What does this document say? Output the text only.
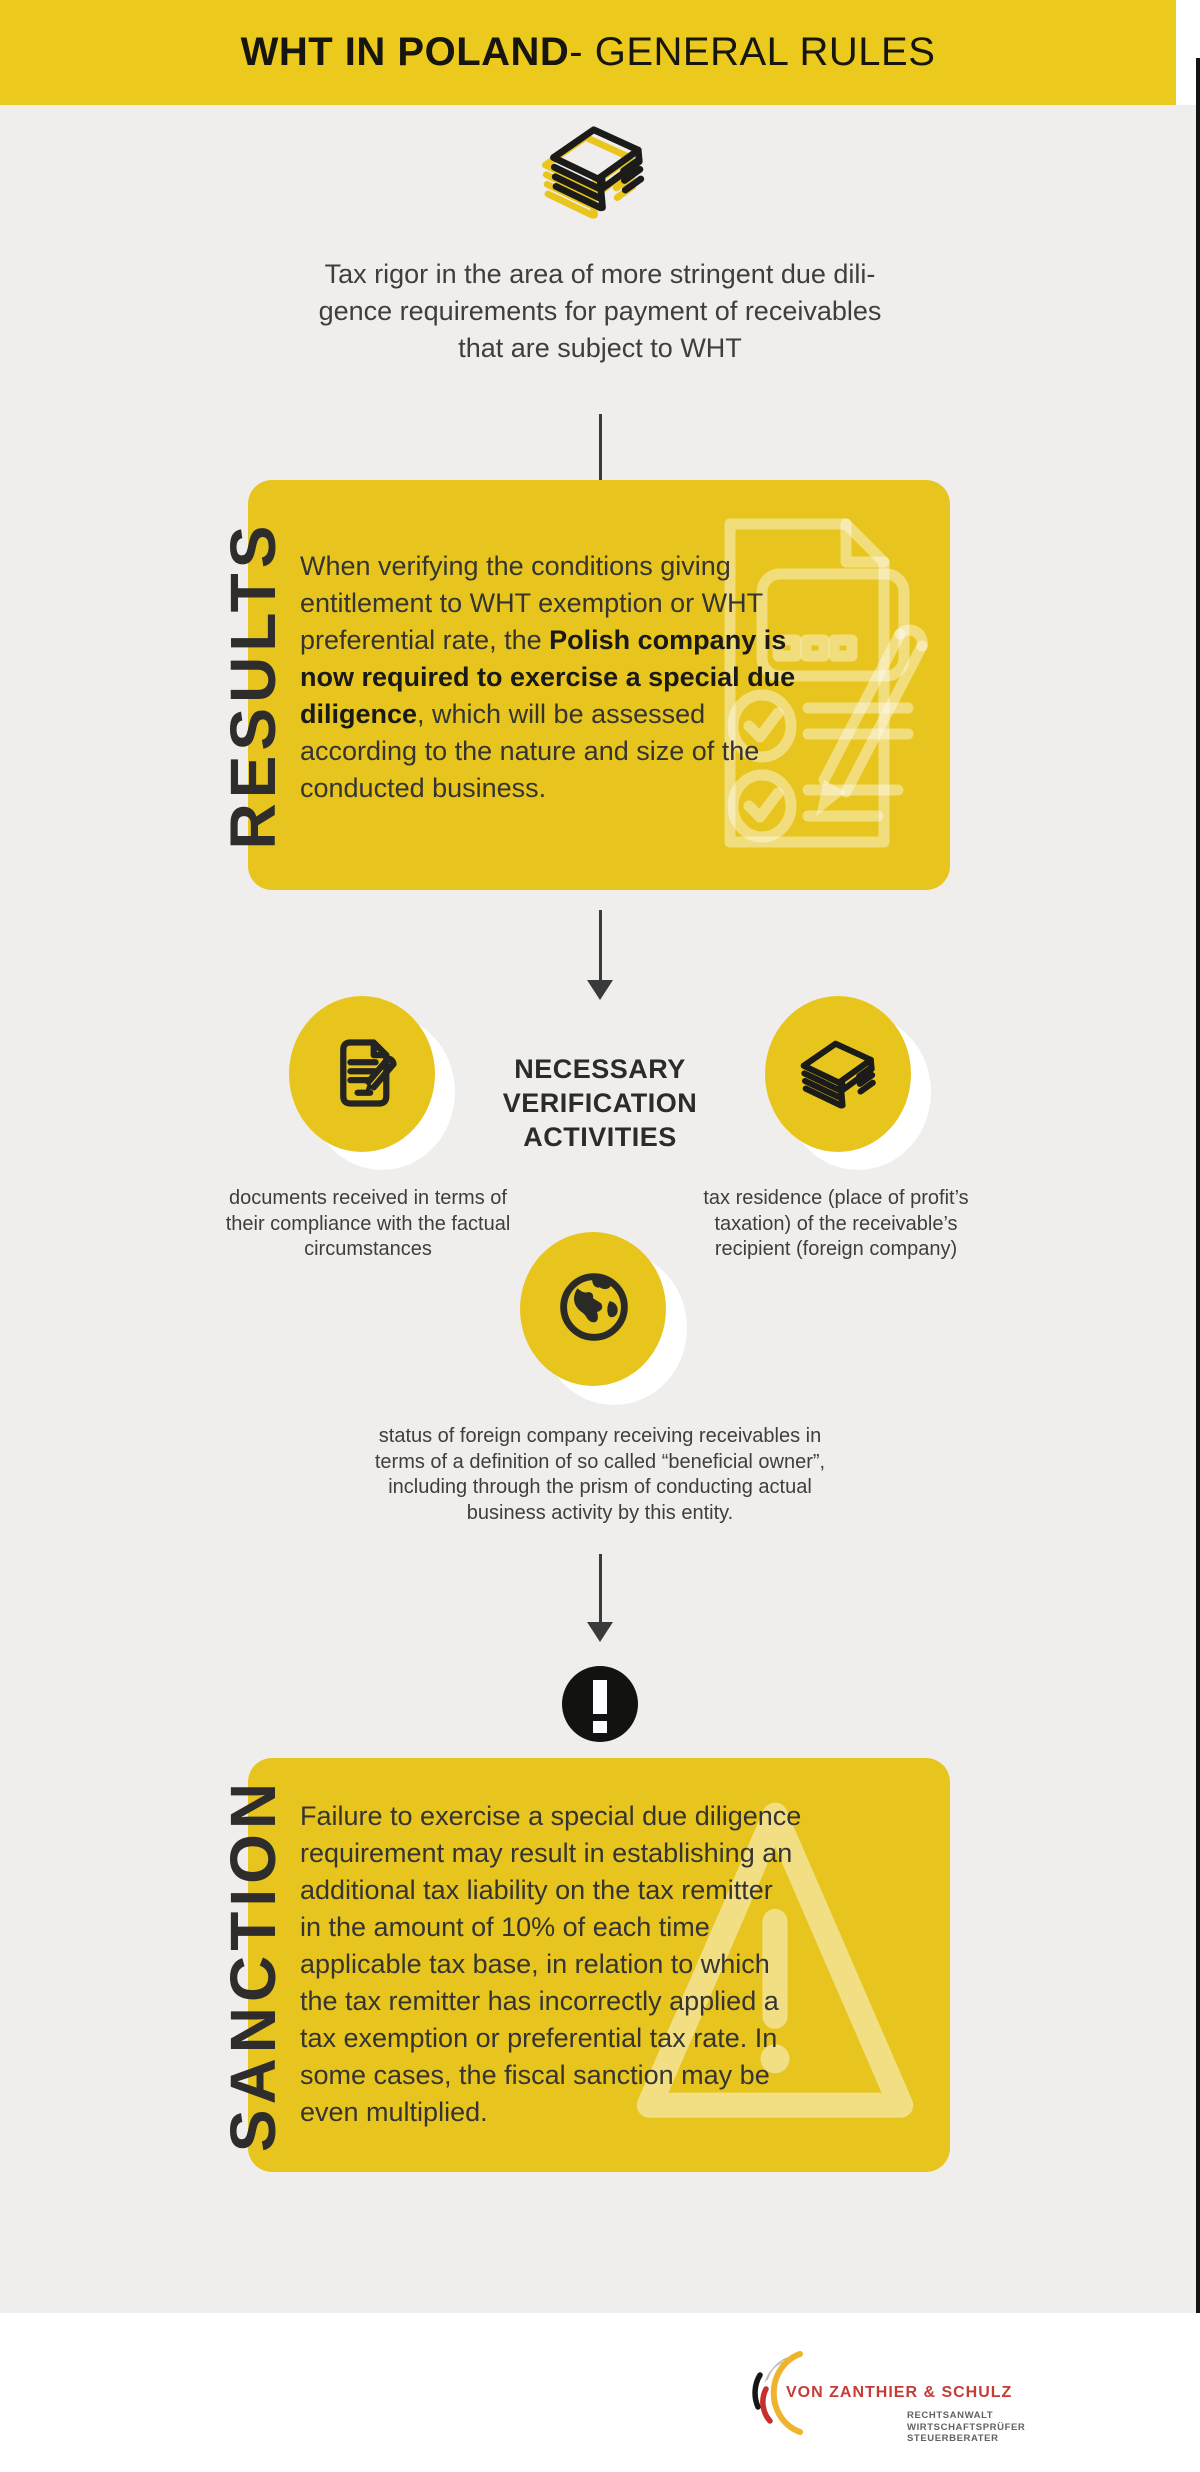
WHT IN POLAND - GENERAL RULES
Tax rigor in the area of more stringent due dili-
gence requirements for payment of receivables
that are subject to WHT
When verifying the conditions giving
entitlement to WHT exemption or WHT
preferential rate, the Polish company is
now required to exercise a special due
diligence, which will be assessed
according to the nature and size of the
conducted business.
RESULTS
NECESSARY
VERIFICATION
ACTIVITIES
documents received in terms of
their compliance with the factual
circumstances
tax residence (place of profit’s
taxation) of the receivable’s
recipient (foreign company)
status of foreign company receiving receivables in
terms of a definition of so called “beneficial owner”,
including through the prism of conducting actual
business activity by this entity.
Failure to exercise a special due diligence
requirement may result in establishing an
additional tax liability on the tax remitter
in the amount of 10% of each time
applicable tax base, in relation to which
the tax remitter has incorrectly applied a
tax exemption or preferential tax rate. In
some cases, the fiscal sanction may be
even multiplied.
SANCTION
VON ZANTHIER & SCHULZ
RECHTSANWALT
WIRTSCHAFTSPRÜFER
STEUERBERATER
